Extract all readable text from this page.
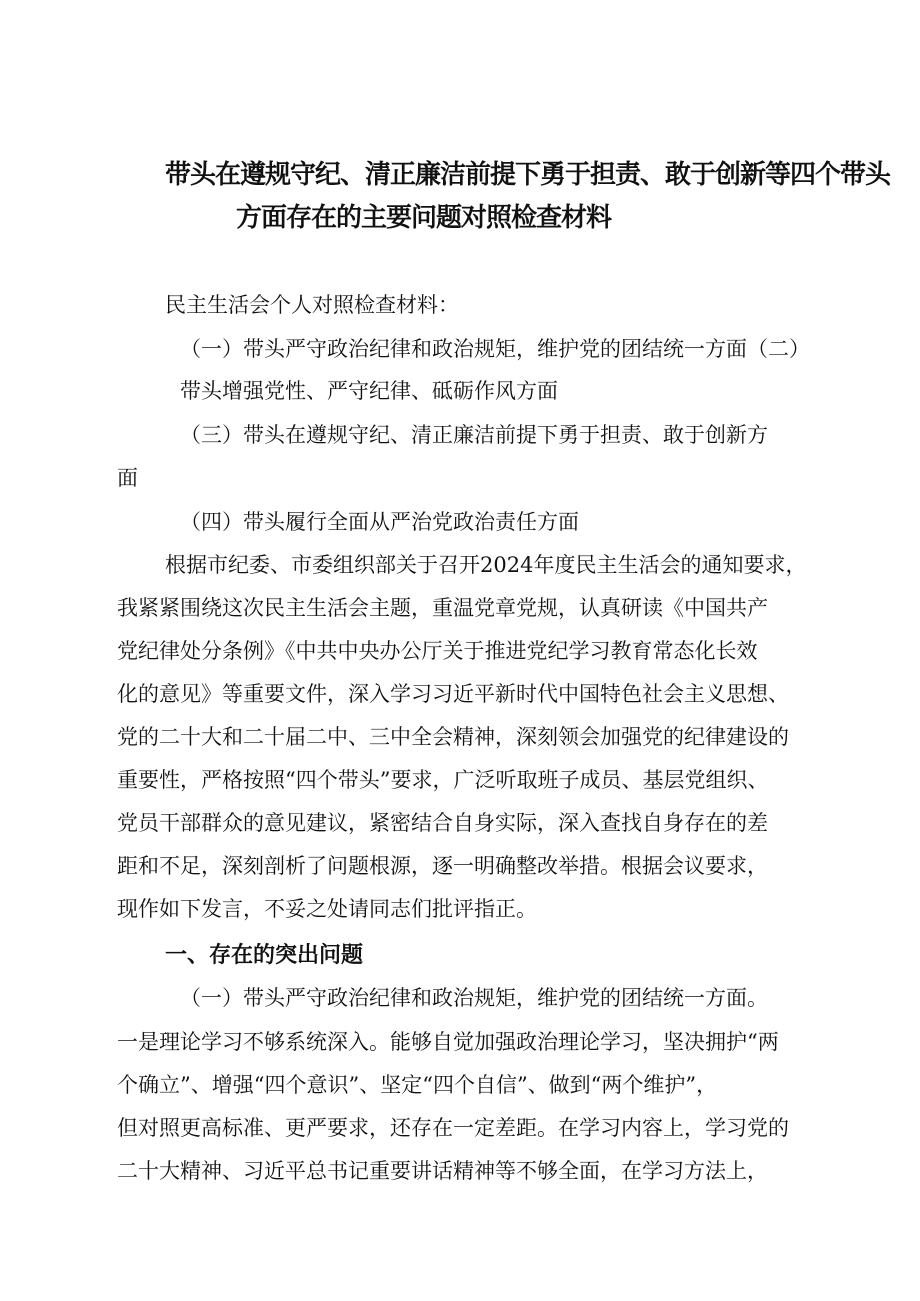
带头在遵规守纪、清正廉洁前提下勇于担责、敢于创新等四个带头
方面存在的主要问题对照检查材料

民主生活会个人对照检查材料：

（一）带头严守政治纪律和政治规矩，维护党的团结统一方面（二）

带头增强党性、严守纪律、砥砺作风方面

（三）带头在遵规守纪、清正廉洁前提下勇于担责、敢于创新方

面

（四）带头履行全面从严治党政治责任方面

根据市纪委、市委组织部关于召开2024年度民主生活会的通知要求，

我紧紧围绕这次民主生活会主题，重温党章党规，认真研读《中国共产

党纪律处分条例》《中共中央办公厅关于推进党纪学习教育常态化长效

化的意见》等重要文件，深入学习习近平新时代中国特色社会主义思想、

党的二十大和二十届二中、三中全会精神，深刻领会加强党的纪律建设的

重要性，严格按照“四个带头”要求，广泛听取班子成员、基层党组织、

党员干部群众的意见建议，紧密结合自身实际，深入查找自身存在的差

距和不足，深刻剖析了问题根源，逐一明确整改举措。根据会议要求，

现作如下发言，不妥之处请同志们批评指正。

一、存在的突出问题

（一）带头严守政治纪律和政治规矩，维护党的团结统一方面。

一是理论学习不够系统深入。能够自觉加强政治理论学习，坚决拥护“两

个确立”、增强“四个意识”、坚定“四个自信”、做到“两个维护”，

但对照更高标准、更严要求，还存在一定差距。在学习内容上，学习党的

二十大精神、习近平总书记重要讲话精神等不够全面，在学习方法上，
